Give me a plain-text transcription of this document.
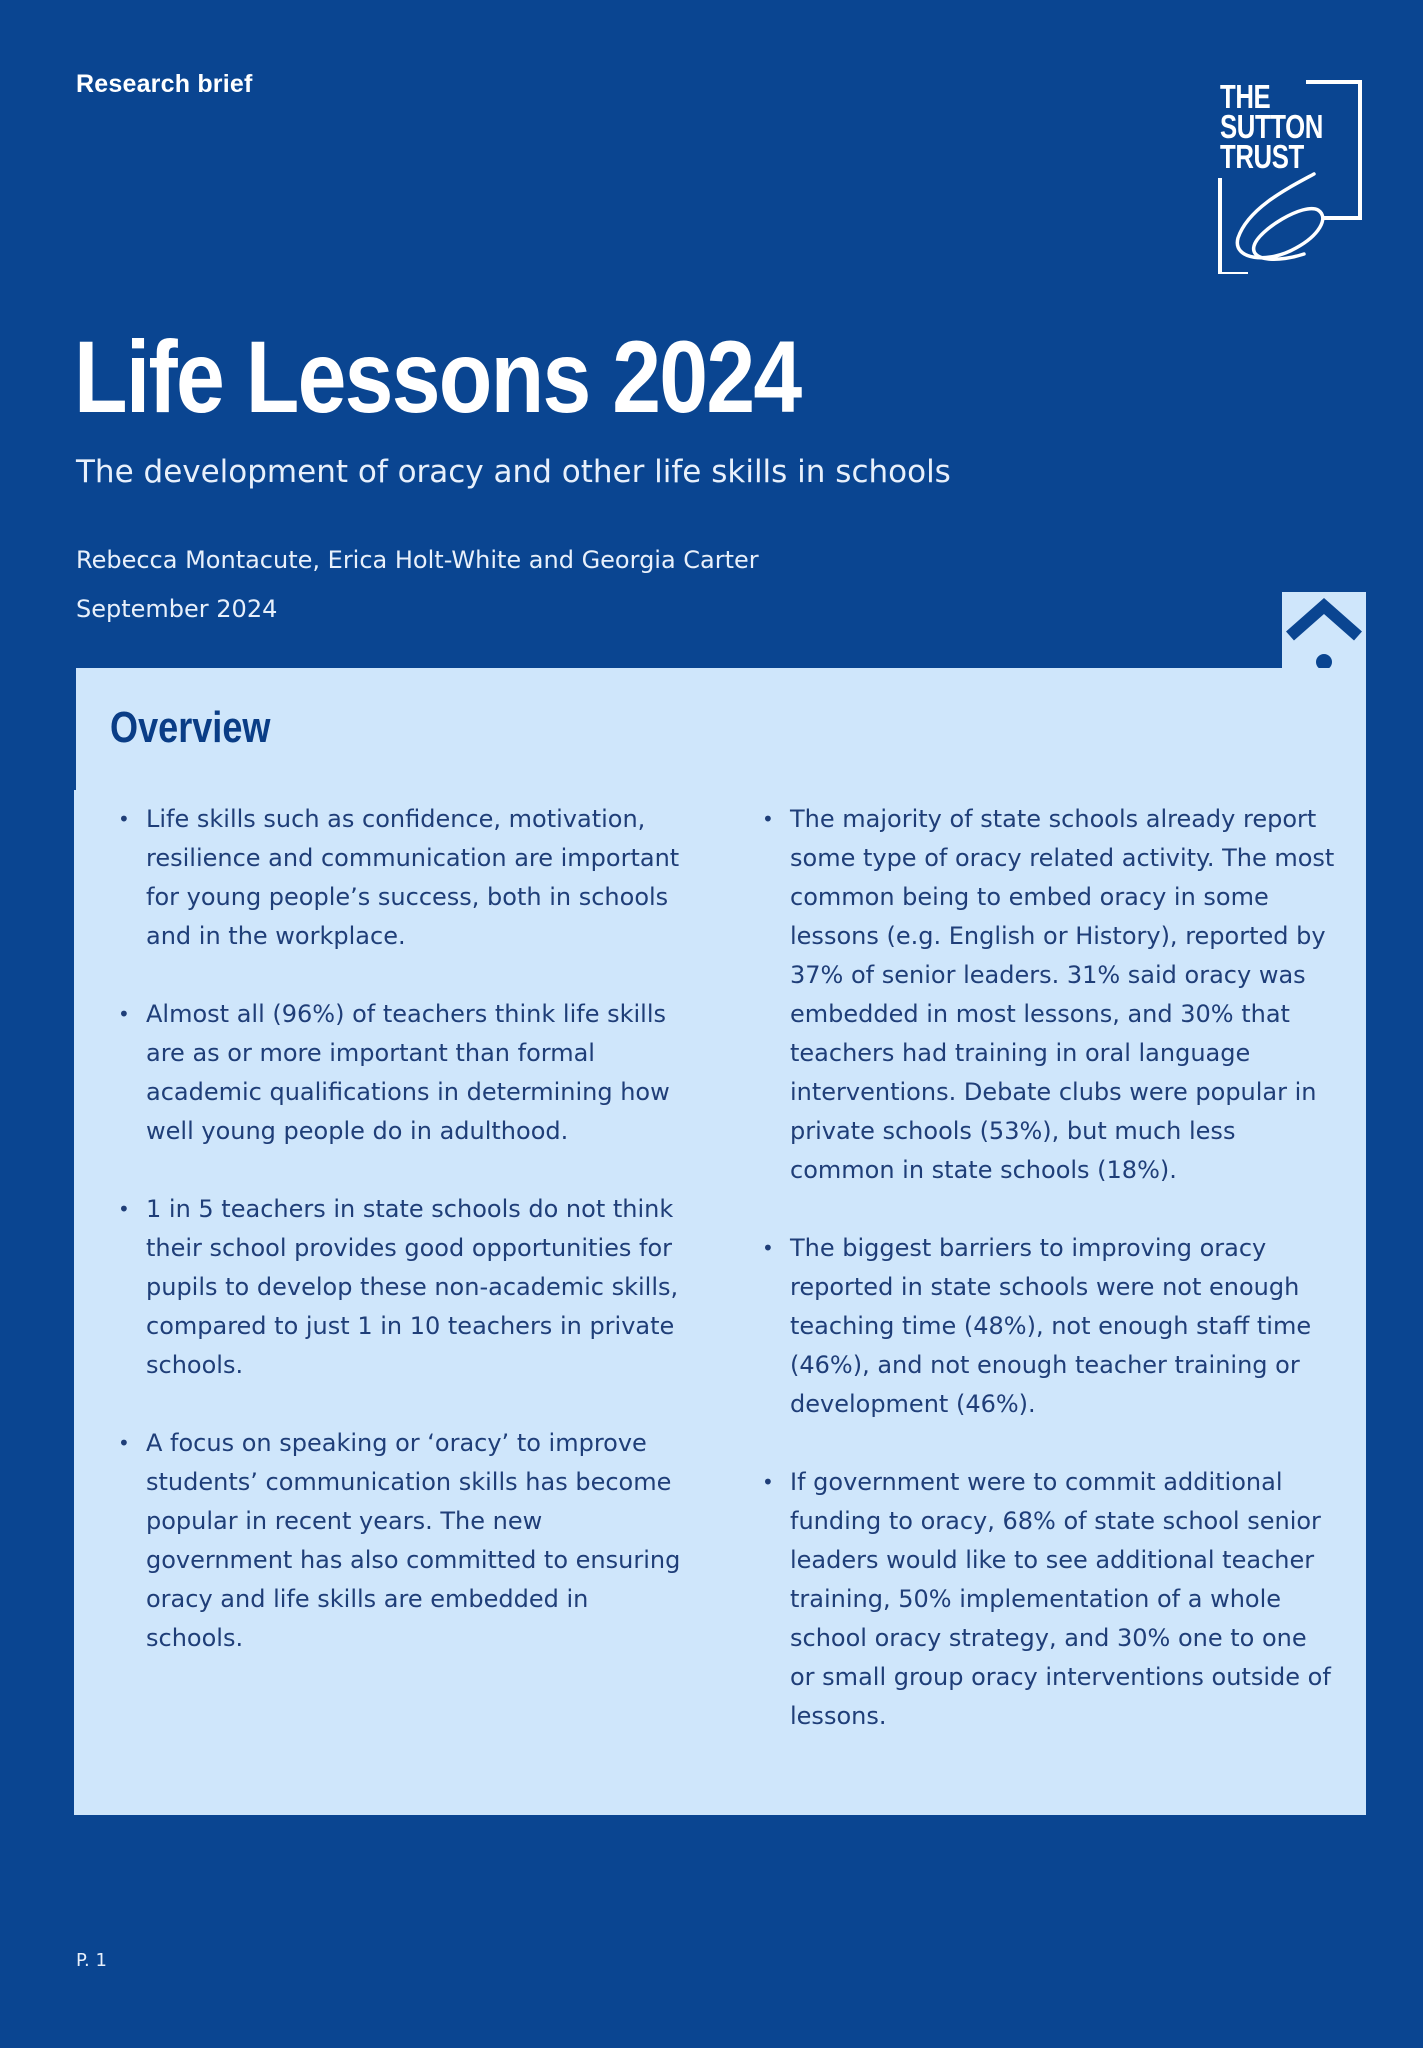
Research brief	THE
SUTTON
TRUST
Life Lessons 2024
The development of oracy and other life skills in schools
Rebecca Montacute, Erica Holt-White and Georgia Carter
September 2024
Overview
• Life skills such as confidence, motivation, resilience and communication are important for young people’s success, both in schools and in the workplace.
• Almost all (96%) of teachers think life skills are as or more important than formal academic qualifications in determining how well young people do in adulthood.
• 1 in 5 teachers in state schools do not think their school provides good opportunities for pupils to develop these non-academic skills, compared to just 1 in 10 teachers in private schools.
• A focus on speaking or ‘oracy’ to improve students’ communication skills has become popular in recent years. The new government has also committed to ensuring oracy and life skills are embedded in schools.
• The majority of state schools already report some type of oracy related activity. The most common being to embed oracy in some lessons (e.g. English or History), reported by 37% of senior leaders. 31% said oracy was embedded in most lessons, and 30% that teachers had training in oral language interventions. Debate clubs were popular in private schools (53%), but much less common in state schools (18%).
• The biggest barriers to improving oracy reported in state schools were not enough teaching time (48%), not enough staff time (46%), and not enough teacher training or development (46%).
• If government were to commit additional funding to oracy, 68% of state school senior leaders would like to see additional teacher training, 50% implementation of a whole school oracy strategy, and 30% one to one or small group oracy interventions outside of lessons.
P. 1
